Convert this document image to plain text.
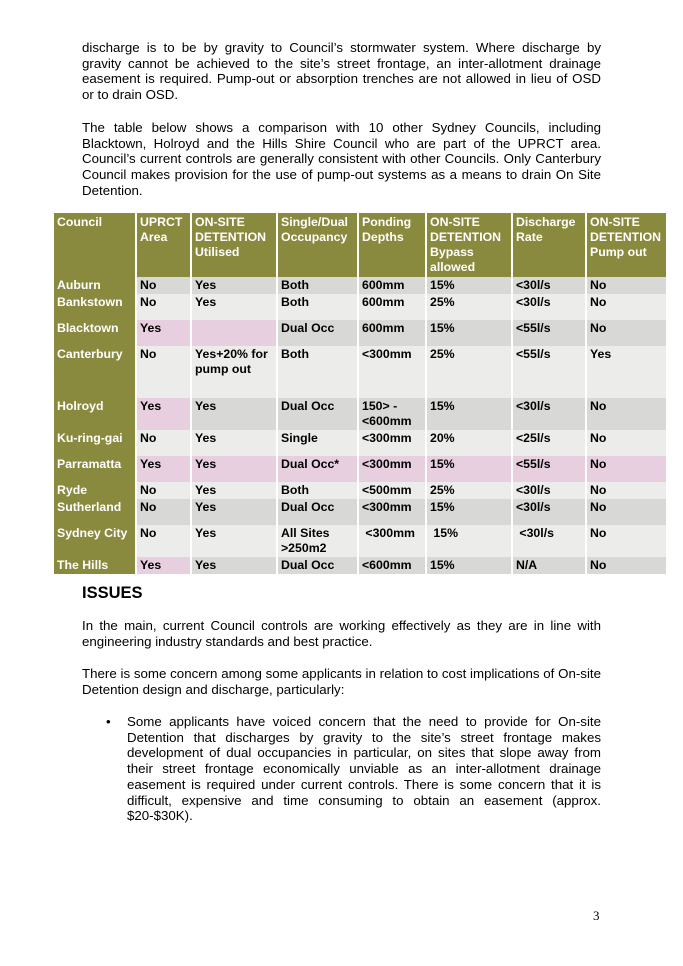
discharge is to be by gravity to Council’s stormwater system. Where discharge by gravity cannot be achieved to the site’s street frontage, an inter-allotment drainage easement is required. Pump-out or absorption trenches are not allowed in lieu of OSD or to drain OSD.

The table below shows a comparison with 10 other Sydney Councils, including Blacktown, Holroyd and the Hills Shire Council who are part of the UPRCT area. Council’s current controls are generally consistent with other Councils. Only Canterbury Council makes provision for the use of pump-out systems as a means to drain On Site Detention.

Council	UPRCT Area	ON-SITE DETENTION Utilised	Single/Dual Occupancy	Ponding Depths	ON-SITE DETENTION Bypass allowed	Discharge Rate	ON-SITE DETENTION Pump out
Auburn	No	Yes	Both	600mm	15%	<30l/s	No
Bankstown	No	Yes	Both	600mm	25%	<30l/s	No
Blacktown	Yes		Dual Occ	600mm	15%	<55l/s	No
Canterbury	No	Yes+20% for pump out	Both	<300mm	25%	<55l/s	Yes
Holroyd	Yes	Yes	Dual Occ	150> - <600mm	15%	<30l/s	No
Ku-ring-gai	No	Yes	Single	<300mm	20%	<25l/s	No
Parramatta	Yes	Yes	Dual Occ*	<300mm	15%	<55l/s	No
Ryde	No	Yes	Both	<500mm	25%	<30l/s	No
Sutherland	No	Yes	Dual Occ	<300mm	15%	<30l/s	No
Sydney City	No	Yes	All Sites >250m2	<300mm	15%	<30l/s	No
The Hills	Yes	Yes	Dual Occ	<600mm	15%	N/A	No
ISSUES

In the main, current Council controls are working effectively as they are in line with engineering industry standards and best practice.

There is some concern among some applicants in relation to cost implications of On-site Detention design and discharge, particularly:

• Some applicants have voiced concern that the need to provide for On-site Detention that discharges by gravity to the site’s street frontage makes development of dual occupancies in particular, on sites that slope away from their street frontage economically unviable as an inter-allotment drainage easement is required under current controls. There is some concern that it is difficult, expensive and time consuming to obtain an easement (approx. $20-$30K).

3
